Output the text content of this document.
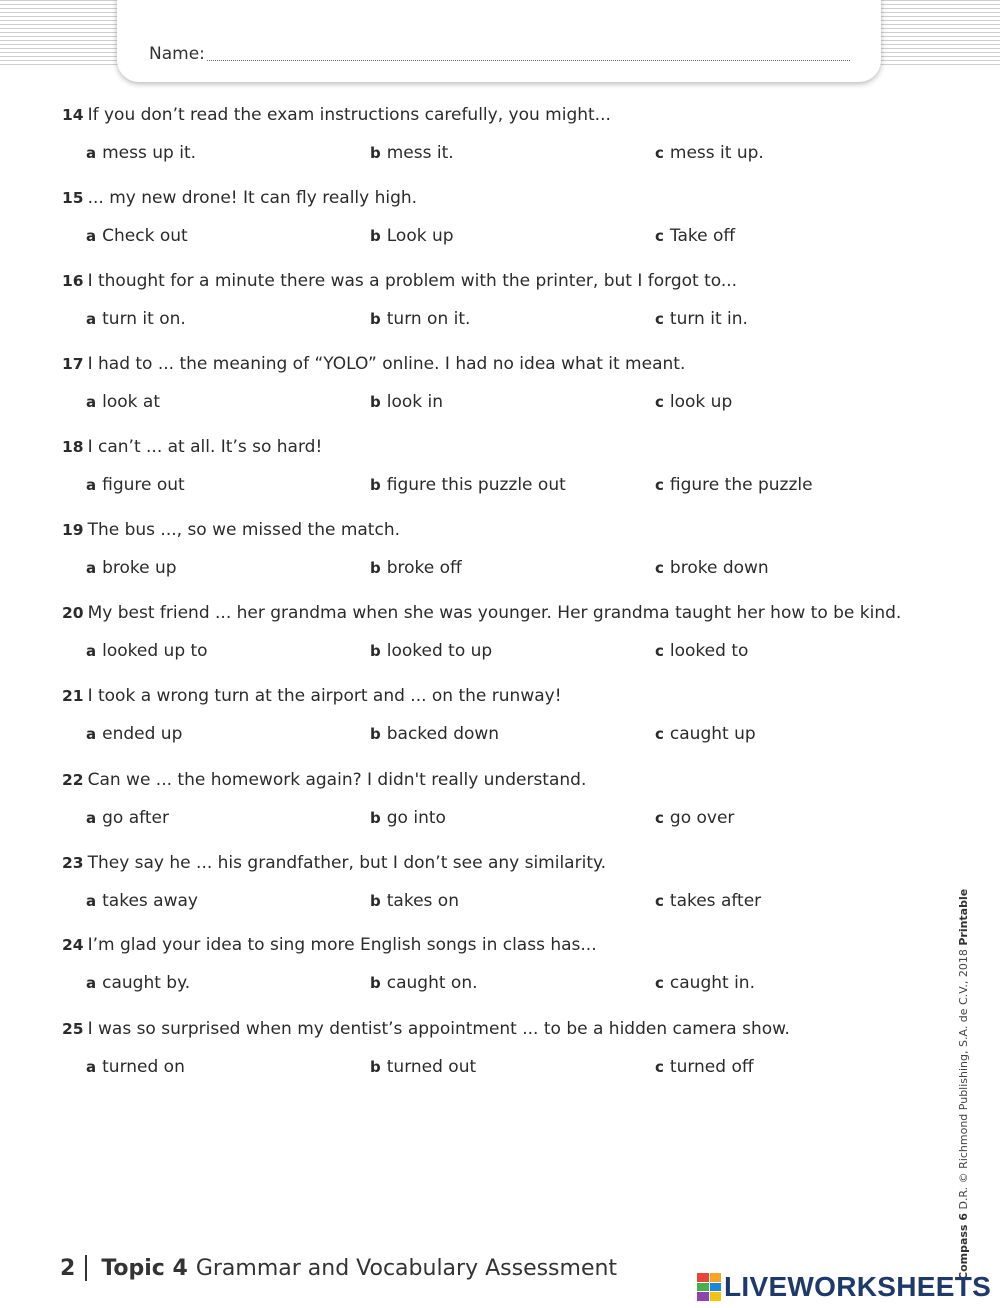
Name:
14 If you don’t read the exam instructions carefully, you might...
a mess up it.	b mess it.	c mess it up.
15 ... my new drone! It can fly really high.
a Check out	b Look up	c Take off
16 I thought for a minute there was a problem with the printer, but I forgot to...
a turn it on.	b turn on it.	c turn it in.
17 I had to ... the meaning of “YOLO” online. I had no idea what it meant.
a look at	b look in	c look up
18 I can’t ... at all. It’s so hard!
a figure out	b figure this puzzle out	c figure the puzzle
19 The bus ..., so we missed the match.
a broke up	b broke off	c broke down
20 My best friend ... her grandma when she was younger. Her grandma taught her how to be kind.
a looked up to	b looked to up	c looked to
21 I took a wrong turn at the airport and ... on the runway!
a ended up	b backed down	c caught up
22 Can we ... the homework again? I didn't really understand.
a go after	b go into	c go over
23 They say he ... his grandfather, but I don’t see any similarity.
a takes away	b takes on	c takes after
24 I’m glad your idea to sing more English songs in class has...
a caught by.	b caught on.	c caught in.
25 I was so surprised when my dentist’s appointment ... to be a hidden camera show.
a turned on	b turned out	c turned off
2 Topic 4 Grammar and Vocabulary Assessment	Compass 6 D.R. © Richmond Publishing, S.A. de C.V., 2018 Printable
LIVEWORKSHEETS
